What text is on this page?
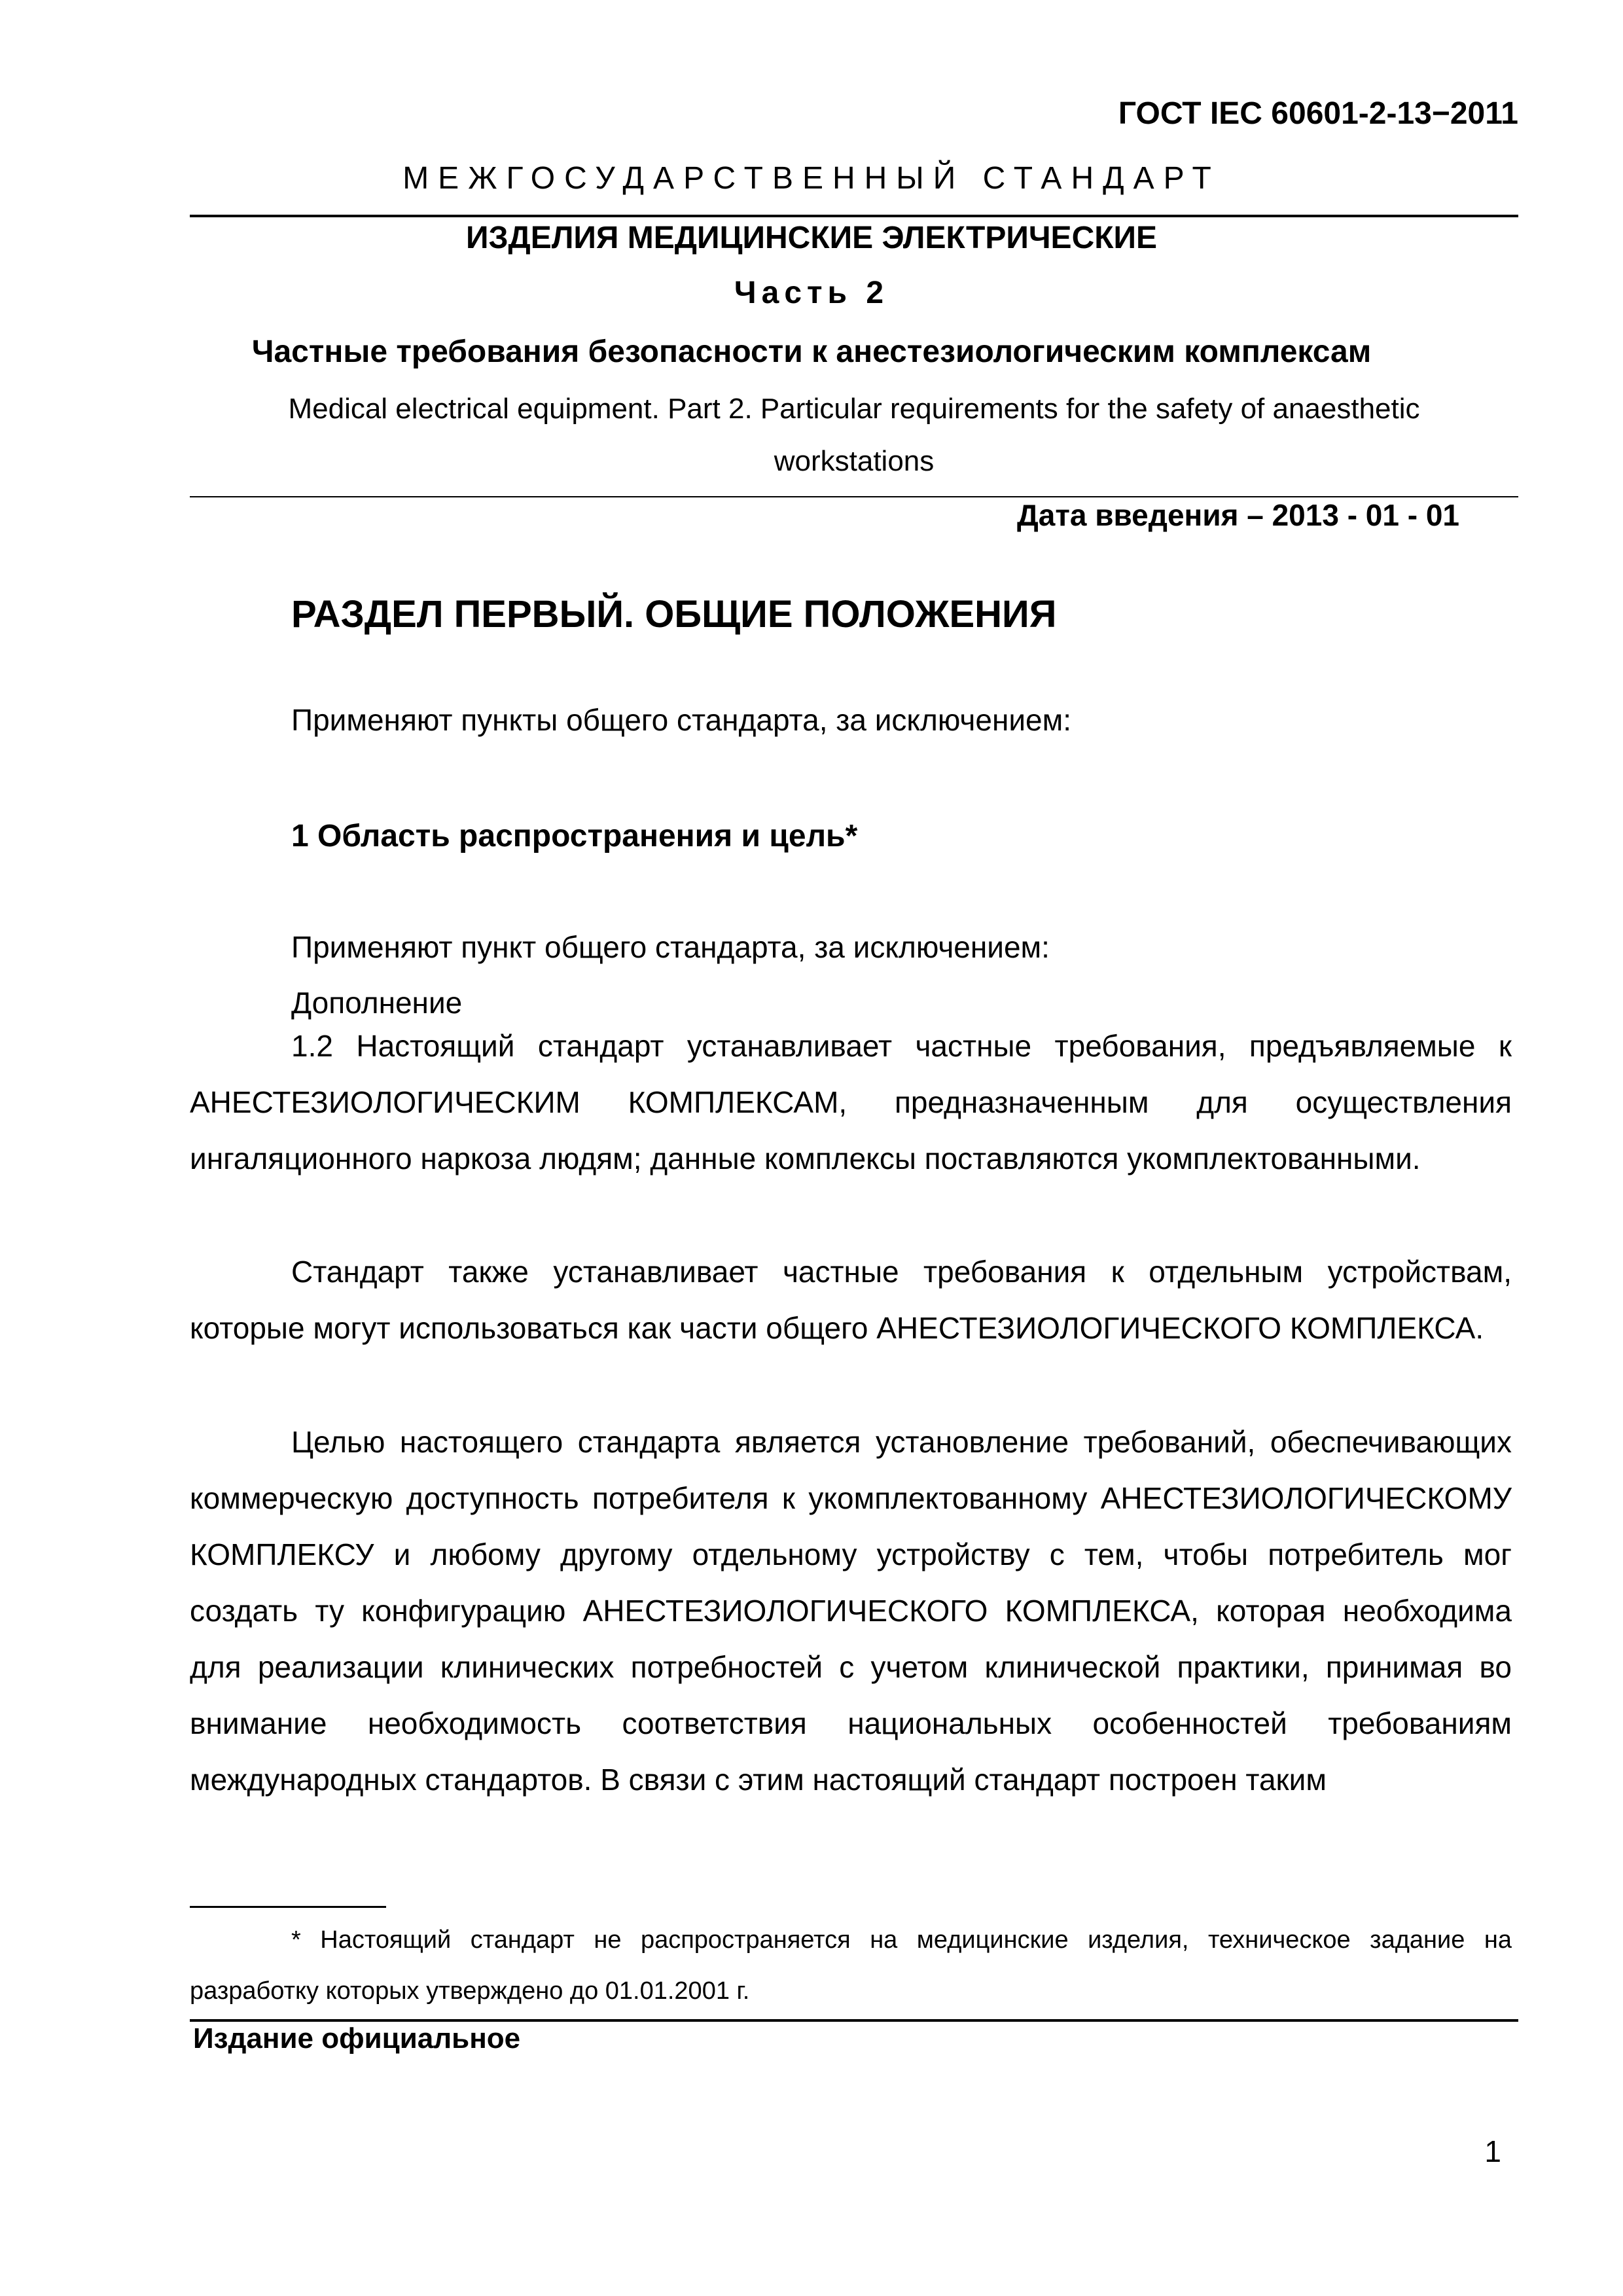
ГОСТ IEC 60601-2-13−2011
МЕЖГОСУДАРСТВЕННЫЙ СТАНДАРТ
ИЗДЕЛИЯ МЕДИЦИНСКИЕ ЭЛЕКТРИЧЕСКИЕ
Часть 2
Частные требования безопасности к анестезиологическим комплексам
Medical electrical equipment. Part 2. Particular requirements for the safety of anaesthetic workstations
Дата введения – 2013 - 01 - 01
РАЗДЕЛ ПЕРВЫЙ. ОБЩИЕ ПОЛОЖЕНИЯ
Применяют пункты общего стандарта, за исключением:
1 Область распространения и цель*
Применяют пункт общего стандарта, за исключением:
Дополнение
1.2 Настоящий стандарт устанавливает частные требования, предъявляемые к АНЕСТЕЗИОЛОГИЧЕСКИМ КОМПЛЕКСАМ, предназначенным для осуществления ингаляционного наркоза людям; данные комплексы поставляются укомплектованными.
Стандарт также устанавливает частные требования к отдельным устройствам, которые могут использоваться как части общего АНЕСТЕЗИОЛОГИЧЕСКОГО КОМПЛЕКСА.
Целью настоящего стандарта является установление требований, обеспечивающих коммерческую доступность потребителя к укомплектованному АНЕСТЕЗИОЛОГИЧЕСКОМУ КОМПЛЕКСУ и любому другому отдельному устройству с тем, чтобы потребитель мог создать ту конфигурацию АНЕСТЕЗИОЛОГИЧЕСКОГО КОМПЛЕКСА, которая необходима для реализации клинических потребностей с учетом клинической практики, принимая во внимание необходимость соответствия национальных особенностей требованиям международных стандартов. В связи с этим настоящий стандарт построен таким
* Настоящий стандарт не распространяется на медицинские изделия, техническое задание на разработку которых утверждено до 01.01.2001 г.
Издание официальное
1
